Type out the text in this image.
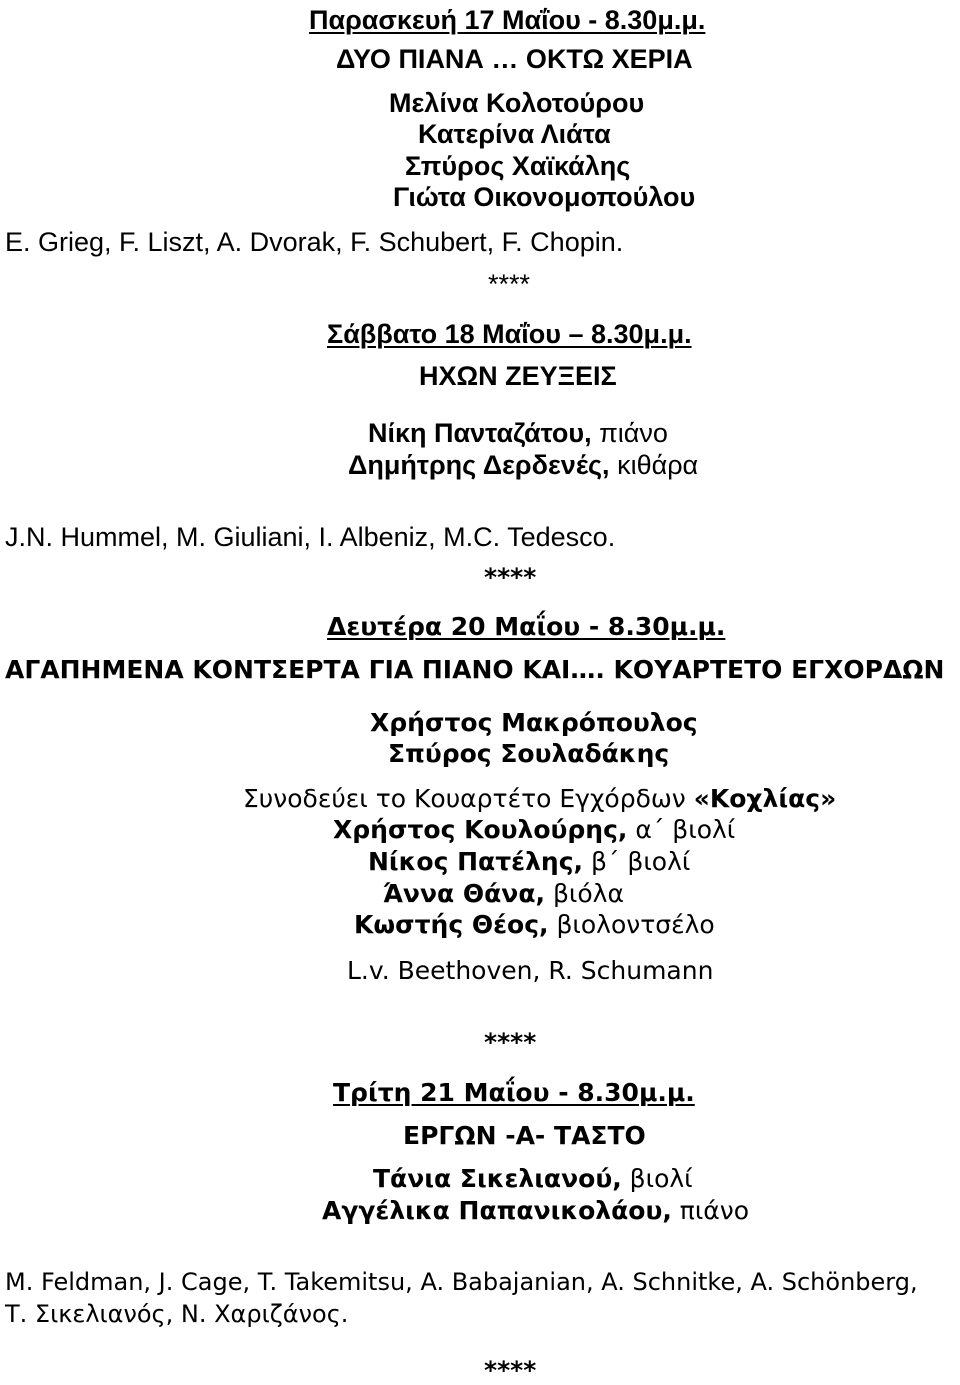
Παρασκευή 17 Μαΐου - 8.30μ.μ.
ΔΥΟ ΠΙΑΝΑ … ΟΚΤΩ ΧΕΡΙΑ
Μελίνα Κολοτούρου
Κατερίνα Λιάτα
Σπύρος Χαϊκάλης
Γιώτα Οικονομοπούλου
E. Grieg, F. Liszt, A. Dvorak, F. Schubert, F. Chopin.
****
Σάββατο 18 Μαΐου – 8.30μ.μ.
ΗΧΩΝ ΖΕΥΞΕΙΣ
Νίκη Πανταζάτου, πιάνο
Δημήτρης Δερδενές, κιθάρα
J.N. Hummel, M. Giuliani, I. Albeniz, M.C. Tedesco.
****
Δευτέρα 20 Μαΐου - 8.30μ.μ.
ΑΓΑΠΗΜΕΝΑ ΚΟΝΤΣΕΡΤΑ ΓΙΑ ΠΙΑΝΟ ΚΑΙ…. ΚΟΥΑΡΤΕΤΟ ΕΓΧΟΡΔΩΝ
Χρήστος Μακρόπουλος
Σπύρος Σουλαδάκης
Συνοδεύει το Κουαρτέτο Εγχόρδων «Κοχλίας»
Χρήστος Κουλούρης, α΄ βιολί
Νίκος Πατέλης, β΄ βιολί
Άννα Θάνα, βιόλα
Κωστής Θέος, βιολοντσέλο
L.v. Beethoven, R. Schumann
****
Τρίτη 21 Μαΐου - 8.30μ.μ.
ΕΡΓΩΝ -Α- ΤΑΣΤΟ
Τάνια Σικελιανού, βιολί
Αγγέλικα Παπανικολάου, πιάνο
M. Feldman, J. Cage, T. Takemitsu, A. Babajanian, A. Schnitke, A. Schönberg,
Τ. Σικελιανός, Ν. Χαριζάνος.
****
